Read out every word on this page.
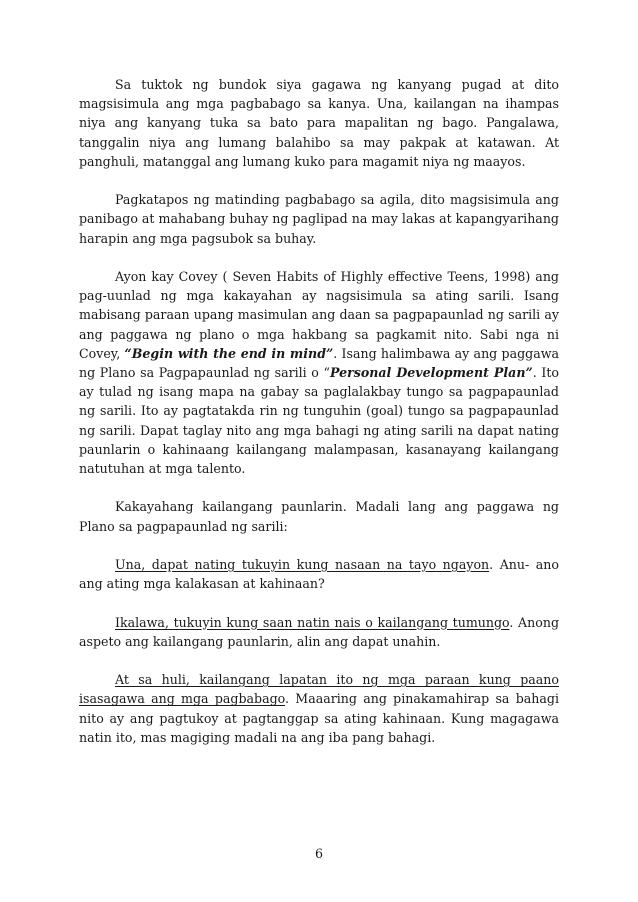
Sa tuktok ng bundok siya gagawa ng kanyang pugad at dito magsisimula ang mga pagbabago sa kanya. Una, kailangan na ihampas niya ang kanyang tuka sa bato para mapalitan ng bago. Pangalawa, tanggalin niya ang lumang balahibo sa may pakpak at katawan. At panghuli, matanggal ang lumang kuko para magamit niya ng maayos.

Pagkatapos ng matinding pagbabago sa agila, dito magsisimula ang panibago at mahabang buhay ng paglipad na may lakas at kapangyarihang harapin ang mga pagsubok sa buhay.

Ayon kay Covey ( Seven Habits of Highly effective Teens, 1998) ang pag-uunlad ng mga kakayahan ay nagsisimula sa ating sarili. Isang mabisang paraan upang masimulan ang daan sa pagpapaunlad ng sarili ay ang paggawa ng plano o mga hakbang sa pagkamit nito. Sabi nga ni Covey, “Begin with the end in mind”. Isang halimbawa ay ang paggawa ng Plano sa Pagpapaunlad ng sarili o “Personal Development Plan”. Ito ay tulad ng isang mapa na gabay sa paglalakbay tungo sa pagpapaunlad ng sarili. Ito ay pagtatakda rin ng tunguhin (goal) tungo sa pagpapaunlad ng sarili. Dapat taglay nito ang mga bahagi ng ating sarili na dapat nating paunlarin o kahinaang kailangang malampasan, kasanayang kailangang natutuhan at mga talento.

Kakayahang kailangang paunlarin. Madali lang ang paggawa ng Plano sa pagpapaunlad ng sarili:

Una, dapat nating tukuyin kung nasaan na tayo ngayon. Anu- ano ang ating mga kalakasan at kahinaan?

Ikalawa, tukuyin kung saan natin nais o kailangang tumungo. Anong aspeto ang kailangang paunlarin, alin ang dapat unahin.

At sa huli, kailangang lapatan ito ng mga paraan kung paano isasagawa ang mga pagbabago. Maaaring ang pinakamahirap sa bahagi nito ay ang pagtukoy at pagtanggap sa ating kahinaan. Kung magagawa natin ito, mas magiging madali na ang iba pang bahagi.

6
